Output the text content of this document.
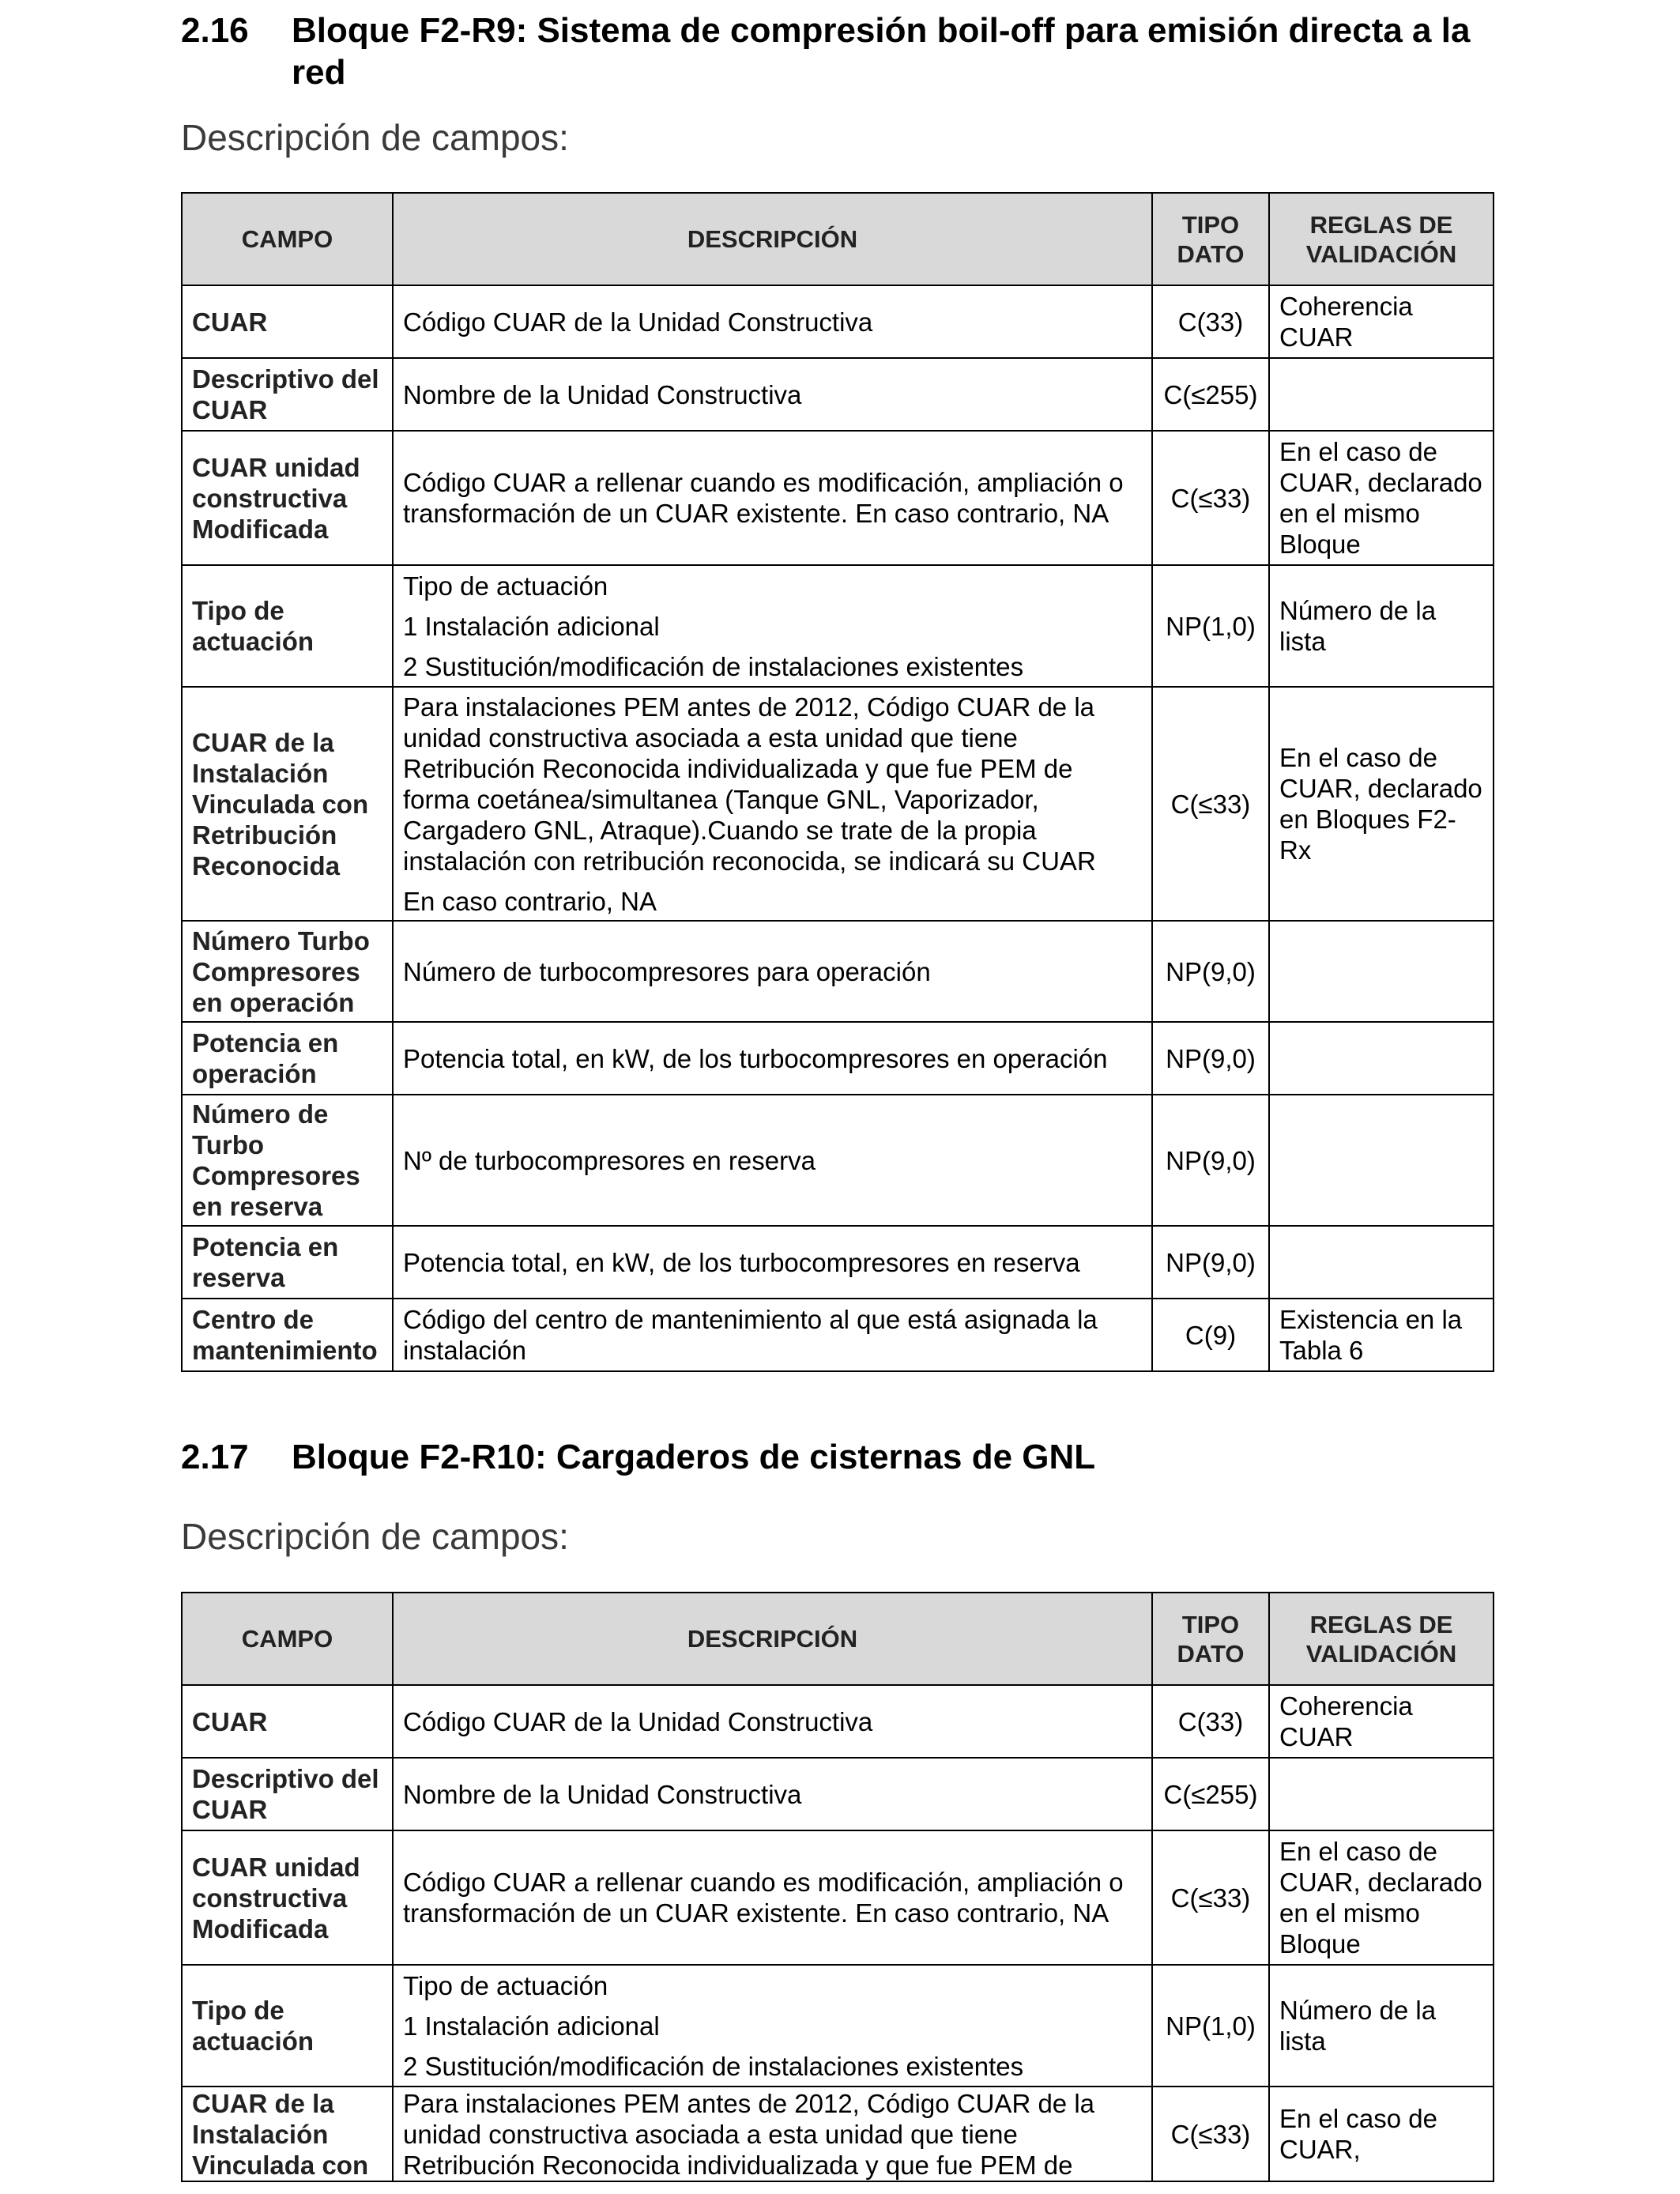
2.16 Bloque F2-R9: Sistema de compresión boil-off para emisión directa a la red
Descripción de campos:
CAMPO	DESCRIPCIÓN	TIPO DATO	REGLAS DE VALIDACIÓN
CUAR	Código CUAR de la Unidad Constructiva	C(33)	Coherencia CUAR
Descriptivo del CUAR	Nombre de la Unidad Constructiva	C(≤255)	
CUAR unidad constructiva Modificada	Código CUAR a rellenar cuando es modificación, ampliación o transformación de un CUAR existente. En caso contrario, NA	C(≤33)	En el caso de CUAR, declarado en el mismo Bloque
Tipo de actuación	Tipo de actuación
1 Instalación adicional
2 Sustitución/modificación de instalaciones existentes	NP(1,0)	Número de la lista
CUAR de la Instalación Vinculada con Retribución Reconocida	Para instalaciones PEM antes de 2012, Código CUAR de la unidad constructiva asociada a esta unidad que tiene Retribución Reconocida individualizada y que fue PEM de forma coetánea/simultanea (Tanque GNL, Vaporizador, Cargadero GNL, Atraque).Cuando se trate de la propia instalación con retribución reconocida, se indicará su CUAR
En caso contrario, NA	C(≤33)	En el caso de CUAR, declarado en Bloques F2-Rx
Número Turbo Compresores en operación	Número de turbocompresores para operación	NP(9,0)	
Potencia en operación	Potencia total, en kW, de los turbocompresores en operación	NP(9,0)	
Número de Turbo Compresores en reserva	Nº de turbocompresores en reserva	NP(9,0)	
Potencia en reserva	Potencia total, en kW, de los turbocompresores en reserva	NP(9,0)	
Centro de mantenimiento	Código del centro de mantenimiento al que está asignada la instalación	C(9)	Existencia en la Tabla 6
2.17 Bloque F2-R10: Cargaderos de cisternas de GNL
Descripción de campos:
CAMPO	DESCRIPCIÓN	TIPO DATO	REGLAS DE VALIDACIÓN
CUAR	Código CUAR de la Unidad Constructiva	C(33)	Coherencia CUAR
Descriptivo del CUAR	Nombre de la Unidad Constructiva	C(≤255)	
CUAR unidad constructiva Modificada	Código CUAR a rellenar cuando es modificación, ampliación o transformación de un CUAR existente. En caso contrario, NA	C(≤33)	En el caso de CUAR, declarado en el mismo Bloque
Tipo de actuación	Tipo de actuación
1 Instalación adicional
2 Sustitución/modificación de instalaciones existentes	NP(1,0)	Número de la lista
CUAR de la Instalación Vinculada con	Para instalaciones PEM antes de 2012, Código CUAR de la unidad constructiva asociada a esta unidad que tiene Retribución Reconocida individualizada y que fue PEM de	C(≤33)	En el caso de CUAR,
